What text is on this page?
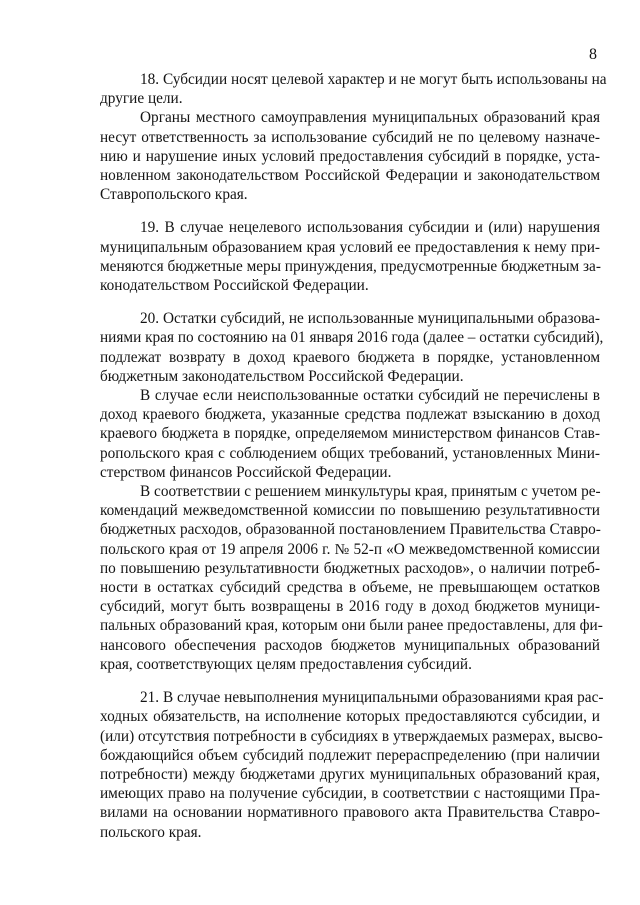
8
18. Субсидии носят целевой характер и не могут быть использованы на
другие цели.
Органы местного самоуправления муниципальных образований края
несут ответственность за использование субсидий не по целевому назначе-
нию и нарушение иных условий предоставления субсидий в порядке, уста-
новленном законодательством Российской Федерации и законодательством
Ставропольского края.
19. В случае нецелевого использования субсидии и (или) нарушения
муниципальным образованием края условий ее предоставления к нему при-
меняются бюджетные меры принуждения, предусмотренные бюджетным за-
конодательством Российской Федерации.
20. Остатки субсидий, не использованные муниципальными образова-
ниями края по состоянию на 01 января 2016 года (далее – остатки субсидий),
подлежат возврату в доход краевого бюджета в порядке, установленном
бюджетным законодательством Российской Федерации.
В случае если неиспользованные остатки субсидий не перечислены в
доход краевого бюджета, указанные средства подлежат взысканию в доход
краевого бюджета в порядке, определяемом министерством финансов Став-
ропольского края с соблюдением общих требований, установленных Мини-
стерством финансов Российской Федерации.
В соответствии с решением минкультуры края, принятым с учетом ре-
комендаций межведомственной комиссии по повышению результативности
бюджетных расходов, образованной постановлением Правительства Ставро-
польского края от 19 апреля 2006 г. № 52-п «О межведомственной комиссии
по повышению результативности бюджетных расходов», о наличии потреб-
ности в остатках субсидий средства в объеме, не превышающем остатков
субсидий, могут быть возвращены в 2016 году в доход бюджетов муници-
пальных образований края, которым они были ранее предоставлены, для фи-
нансового обеспечения расходов бюджетов муниципальных образований
края, соответствующих целям предоставления субсидий.
21. В случае невыполнения муниципальными образованиями края рас-
ходных обязательств, на исполнение которых предоставляются субсидии, и
(или) отсутствия потребности в субсидиях в утверждаемых размерах, высво-
бождающийся объем субсидий подлежит перераспределению (при наличии
потребности) между бюджетами других муниципальных образований края,
имеющих право на получение субсидии, в соответствии с настоящими Пра-
вилами на основании нормативного правового акта Правительства Ставро-
польского края.
